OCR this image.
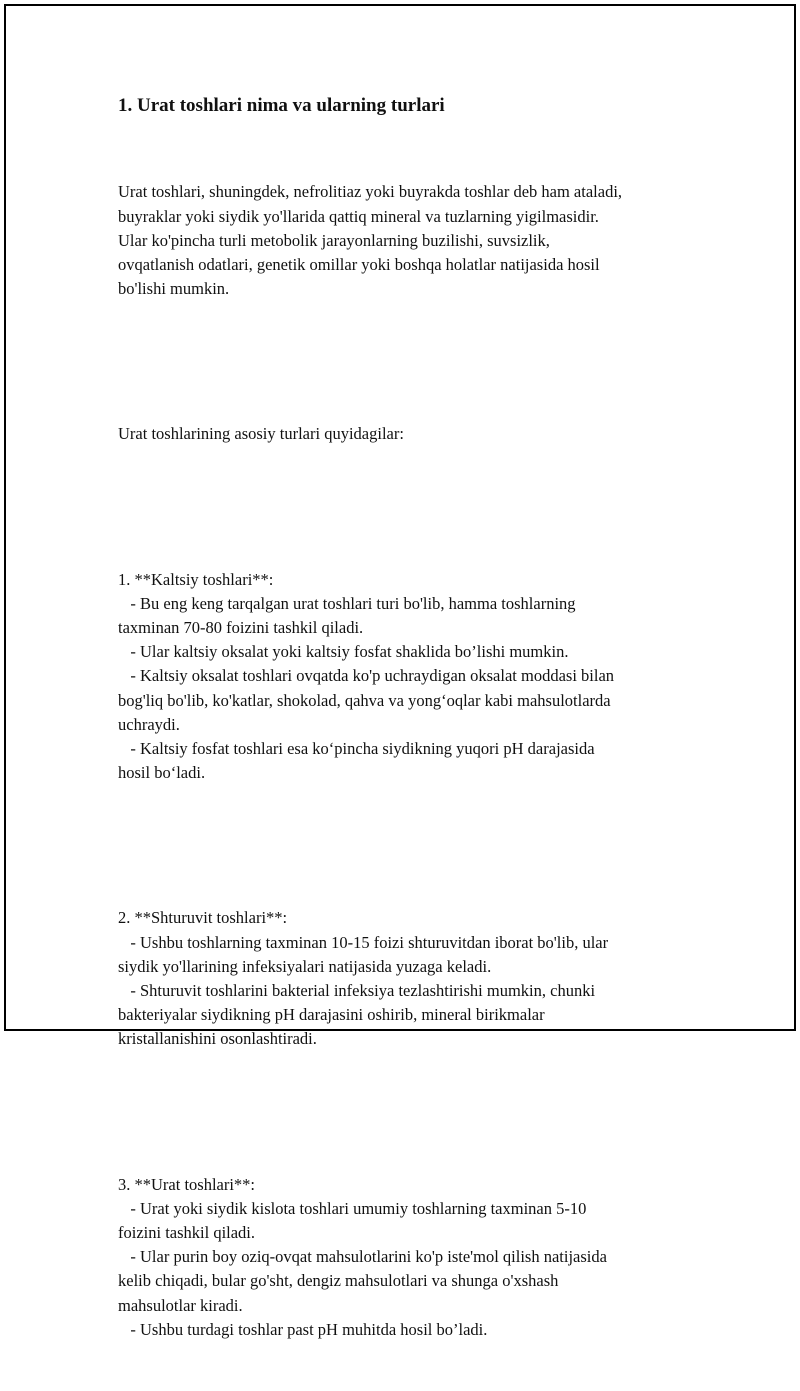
1. Urat toshlari nima va ularning turlari

Urat toshlari, shuningdek, nefrolitiaz yoki buyrakda toshlar deb ham ataladi,
buyraklar yoki siydik yo'llarida qattiq mineral va tuzlarning yigilmasidir.
Ular ko'pincha turli metobolik jarayonlarning buzilishi, suvsizlik,
ovqatlanish odatlari, genetik omillar yoki boshqa holatlar natijasida hosil
bo'lishi mumkin.

Urat toshlarining asosiy turlari quyidagilar:

1. **Kaltsiy toshlari**:
- Bu eng keng tarqalgan urat toshlari turi bo'lib, hamma toshlarning
taxminan 70-80 foizini tashkil qiladi.
- Ular kaltsiy oksalat yoki kaltsiy fosfat shaklida bo’lishi mumkin.
- Kaltsiy oksalat toshlari ovqatda ko'p uchraydigan oksalat moddasi bilan
bog'liq bo'lib, ko'katlar, shokolad, qahva va yong‘oqlar kabi mahsulotlarda
uchraydi.
- Kaltsiy fosfat toshlari esa ko‘pincha siydikning yuqori pH darajasida
hosil bo‘ladi.

2. **Shturuvit toshlari**:
- Ushbu toshlarning taxminan 10-15 foizi shturuvitdan iborat bo'lib, ular
siydik yo'llarining infeksiyalari natijasida yuzaga keladi.
- Shturuvit toshlarini bakterial infeksiya tezlashtirishi mumkin, chunki
bakteriyalar siydikning pH darajasini oshirib, mineral birikmalar
kristallanishini osonlashtiradi.

3. **Urat toshlari**:
- Urat yoki siydik kislota toshlari umumiy toshlarning taxminan 5-10
foizini tashkil qiladi.
- Ular purin boy oziq-ovqat mahsulotlarini ko'p iste'mol qilish natijasida
kelib chiqadi, bular go'sht, dengiz mahsulotlari va shunga o'xshash
mahsulotlar kiradi.
- Ushbu turdagi toshlar past pH muhitda hosil bo’ladi.
